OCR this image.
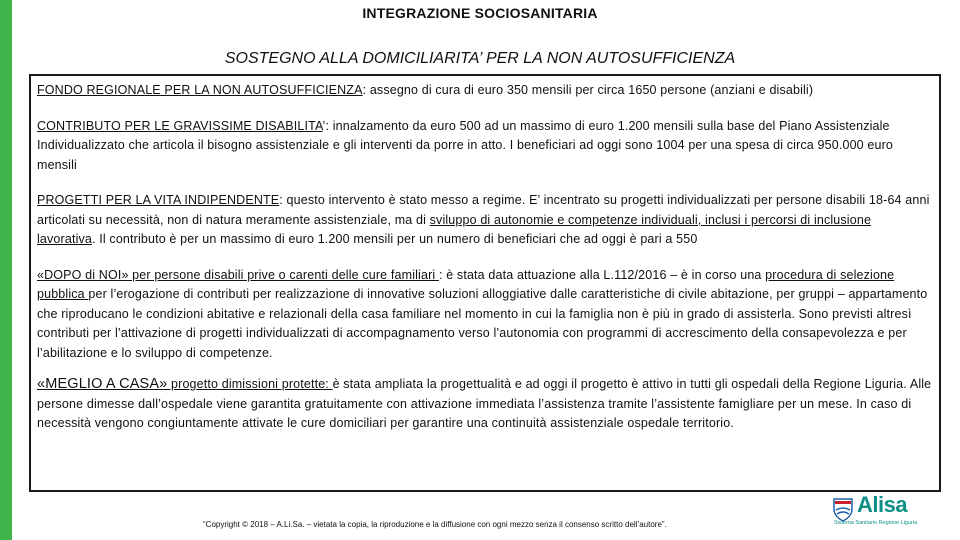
INTEGRAZIONE SOCIOSANITARIA
SOSTEGNO ALLA DOMICILIARITA’ PER LA NON AUTOSUFFICIENZA

FONDO REGIONALE PER LA NON AUTOSUFFICIENZA: assegno di cura di euro 350 mensili per circa 1650 persone (anziani e disabili)

CONTRIBUTO PER LE GRAVISSIME DISABILITA’: innalzamento da euro 500 ad un massimo di euro 1.200 mensili sulla base del Piano Assistenziale Individualizzato che articola il bisogno assistenziale e gli interventi da porre in atto. I beneficiari ad oggi sono 1004 per una spesa di circa 950.000 euro mensili

PROGETTI PER LA VITA INDIPENDENTE: questo intervento è stato messo a regime. E’ incentrato su progetti individualizzati per persone disabili 18-64 anni articolati su necessità, non di natura meramente assistenziale, ma di sviluppo di autonomie e competenze individuali, inclusi i percorsi di inclusione lavorativa. Il contributo è per un massimo di euro 1.200 mensili per un numero di beneficiari che ad oggi è pari a 550

«DOPO di NOI» per persone disabili prive o carenti delle cure familiari : è stata data attuazione alla L.112/2016 – è in corso una procedura di selezione pubblica per l’erogazione di contributi per realizzazione di innovative soluzioni alloggiative dalle caratteristiche di civile abitazione, per gruppi – appartamento che riproducano le condizioni abitative e relazionali della casa familiare nel momento in cui la famiglia non è più in grado di assisterla. Sono previsti altresì contributi per l’attivazione di progetti individualizzati di accompagnamento verso l’autonomia con programmi di accrescimento della consapevolezza e per l’abilitazione e lo sviluppo di competenze.

«MEGLIO A CASA» progetto dimissioni protette: è stata ampliata la progettualità e ad oggi il progetto è attivo in tutti gli ospedali della Regione Liguria. Alle persone dimesse dall’ospedale viene garantita gratuitamente con attivazione immediata l’assistenza tramite l’assistente famigliare per un mese. In caso di necessità vengono congiuntamente attivate le cure domiciliari per garantire una continuità assistenziale ospedale territorio.

“Copyright © 2018 – A.Li.Sa. – vietata la copia, la riproduzione e la diffusione con ogni mezzo senza il consenso scritto dell’autore”.
Alisa
Sistema Sanitario Regione Liguria
